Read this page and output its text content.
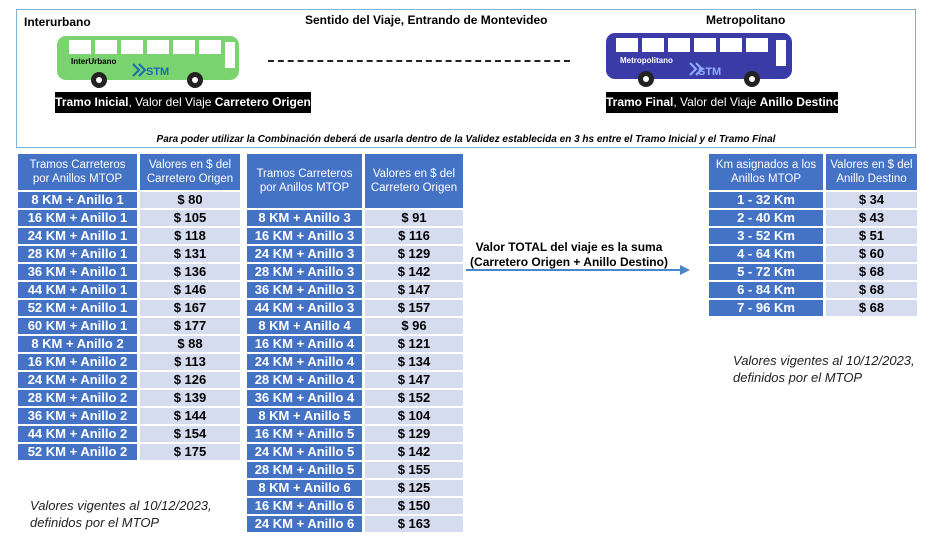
Interurbano	Sentido del Viaje, Entrando de Montevideo	Metropolitano
InterUrbano
STM
Metropolitano
STM
Tramo Inicial, Valor del Viaje Carretero Origen	Tramo Final, Valor del Viaje Anillo Destino
Para poder utilizar la Combinación deberá de usarla dentro de la Validez establecida en 3 hs entre el Tramo Inicial y el Tramo Final
Tramos Carreteros por Anillos MTOP		Valores en $ del Carretero Origen
8 KM + Anillo 1		$ 80
16 KM + Anillo 1		$ 105
24 KM + Anillo 1		$ 118
28 KM + Anillo 1		$ 131
36 KM + Anillo 1		$ 136
44 KM + Anillo 1		$ 146
52 KM + Anillo 1		$ 167
60 KM + Anillo 1		$ 177
8 KM + Anillo 2		$ 88
16 KM + Anillo 2		$ 113
24 KM + Anillo 2		$ 126
28 KM + Anillo 2		$ 139
36 KM + Anillo 2		$ 144
44 KM + Anillo 2		$ 154
52 KM + Anillo 2		$ 175
Tramos Carreteros por Anillos MTOP		Valores en $ del Carretero Origen
8 KM + Anillo 3		$ 91
16 KM + Anillo 3		$ 116
24 KM + Anillo 3		$ 129
28 KM + Anillo 3		$ 142
36 KM + Anillo 3		$ 147
44 KM + Anillo 3		$ 157
8 KM + Anillo 4		$ 96
16 KM + Anillo 4		$ 121
24 KM + Anillo 4		$ 134
28 KM + Anillo 4		$ 147
36 KM + Anillo 4		$ 152
8 KM + Anillo 5		$ 104
16 KM + Anillo 5		$ 129
24 KM + Anillo 5		$ 142
28 KM + Anillo 5		$ 155
8 KM + Anillo 6		$ 125
16 KM + Anillo 6		$ 150
24 KM + Anillo 6		$ 163
Valor TOTAL del viaje es la suma
(Carretero Origen + Anillo Destino)
Km asignados a los Anillos MTOP		Valores en $ del Anillo Destino
1 - 32 Km		$ 34
2 - 40 Km		$ 43
3 - 52 Km		$ 51
4 - 64 Km		$ 60
5 - 72 Km		$ 68
6 - 84 Km		$ 68
7 - 96 Km		$ 68
Valores vigentes al 10/12/2023,
definidos por el MTOP
Valores vigentes al 10/12/2023,
definidos por el MTOP
